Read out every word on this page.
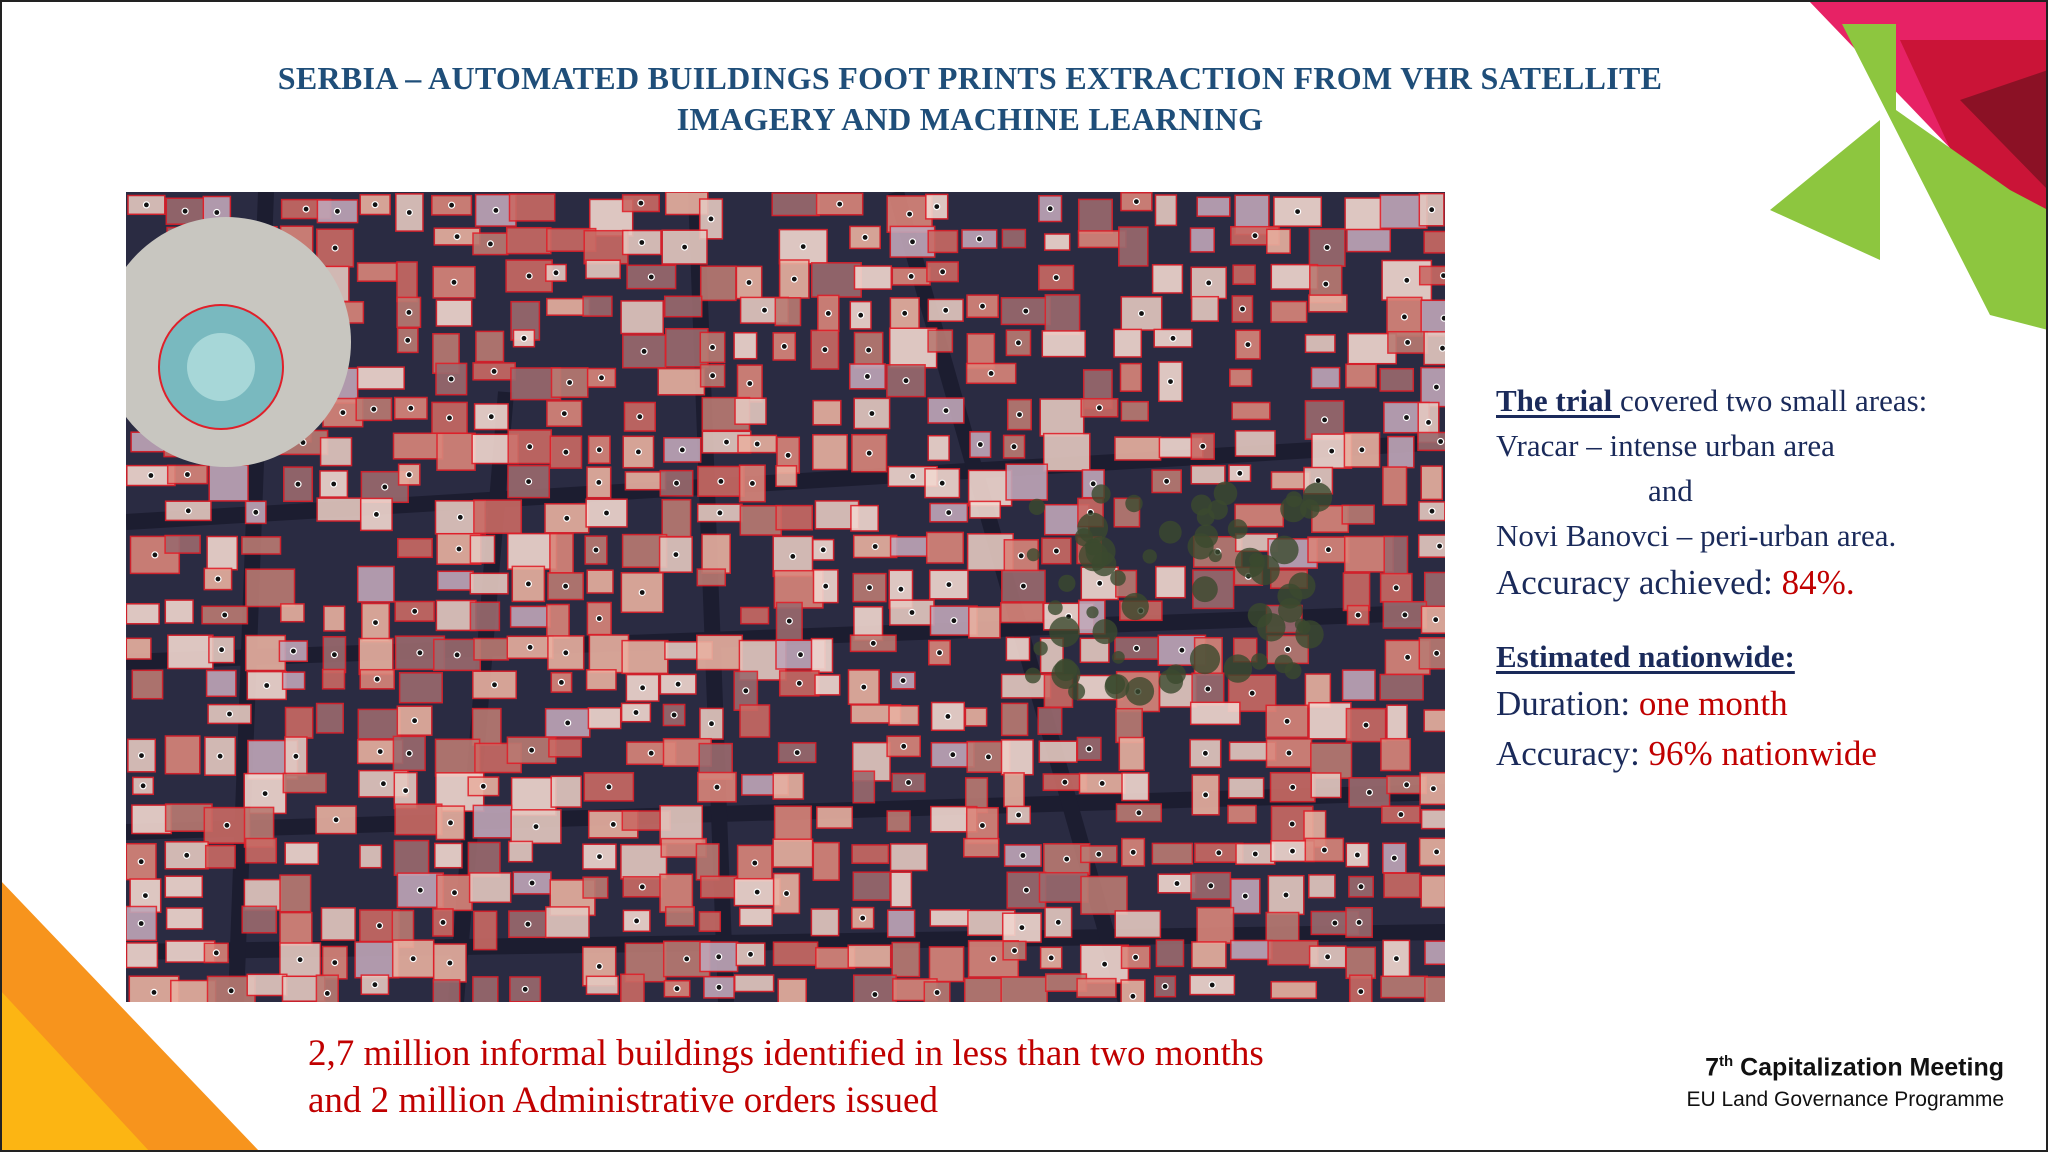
SERBIA – AUTOMATED BUILDINGS FOOT PRINTS EXTRACTION FROM VHR SATELLITE
IMAGERY AND MACHINE LEARNING
The trial covered two small areas:
Vracar – intense urban area
and
Novi Banovci – peri-urban area.
Accuracy achieved: 84%.
Estimated nationwide:
Duration: one month
Accuracy: 96% nationwide
2,7 million informal buildings identified in less than two months
and 2 million Administrative orders issued
7th Capitalization Meeting
EU Land Governance Programme
